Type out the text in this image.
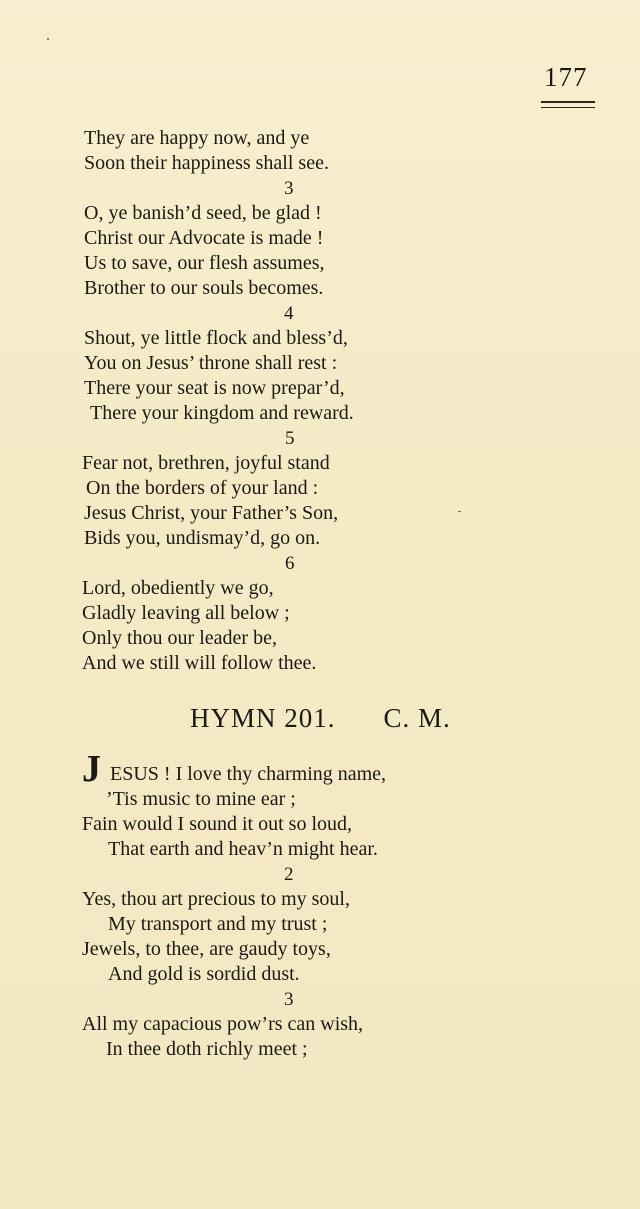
177
They are happy now, and ye
Soon their happiness shall see.
3
O, ye banish’d seed, be glad !
Christ our Advocate is made !
Us to save, our flesh assumes,
Brother to our souls becomes.
4
Shout, ye little flock and bless’d,
You on Jesus’ throne shall rest :
There your seat is now prepar’d,
There your kingdom and reward.
5
Fear not, brethren, joyful stand
On the borders of your land :
Jesus Christ, your Father’s Son,
Bids you, undismay’d, go on.
6
Lord, obediently we go,
Gladly leaving all below ;
Only thou our leader be,
And we still will follow thee.
HYMN 201. C. M.
J ESUS ! I love thy charming name,
’Tis music to mine ear ;
Fain would I sound it out so loud,
That earth and heav’n might hear.
2
Yes, thou art precious to my soul,
My transport and my trust ;
Jewels, to thee, are gaudy toys,
And gold is sordid dust.
3
All my capacious pow’rs can wish,
In thee doth richly meet ;
